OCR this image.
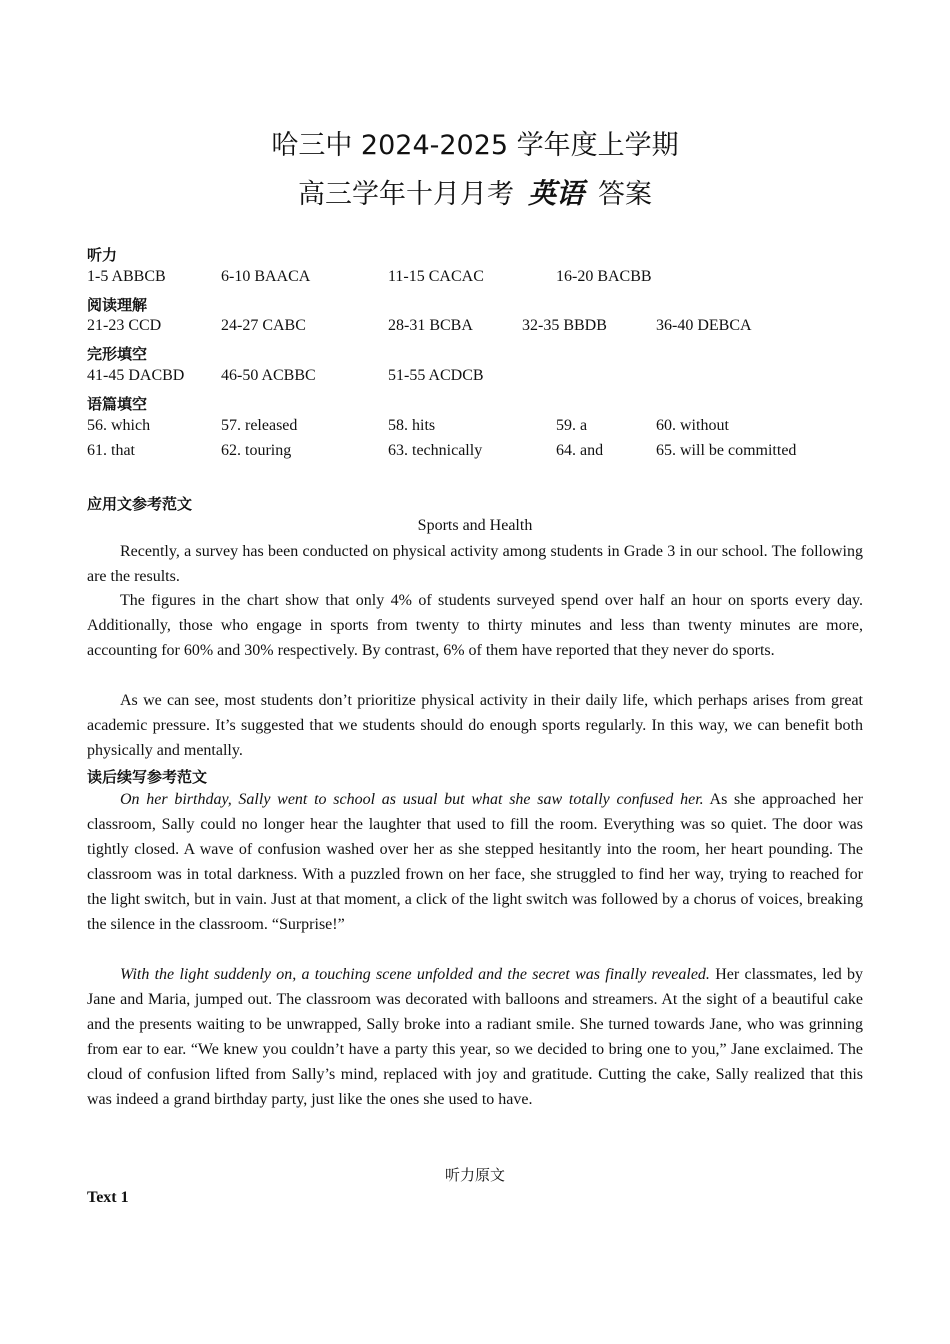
哈三中 2024-2025 学年度上学期
高三学年十月月考 英语 答案
听力
1-5 ABBCB	6-10 BAACA	11-15 CACAC	16-20 BACBB
阅读理解
21-23 CCD	24-27 CABC	28-31 BCBA	32-35 BBDB	36-40 DEBCA
完形填空
41-45 DACBD 46-50 ACBBC	51-55 ACDCB
语篇填空
56. which	57. released	58. hits	59. a	60. without
61. that	62. touring	63. technically	64. and	65. will be committed
应用文参考范文
Sports and Health

Recently, a survey has been conducted on physical activity among students in Grade 3 in our school. The following are the results.

The figures in the chart show that only 4% of students surveyed spend over half an hour on sports every day. Additionally, those who engage in sports from twenty to thirty minutes and less than twenty minutes are more, accounting for 60% and 30% respectively. By contrast, 6% of them have reported that they never do sports.

As we can see, most students don’t prioritize physical activity in their daily life, which perhaps arises from great academic pressure. It’s suggested that we students should do enough sports regularly. In this way, we can benefit both physically and mentally.

读后续写参考范文

On her birthday, Sally went to school as usual but what she saw totally confused her. As she approached her classroom, Sally could no longer hear the laughter that used to fill the room. Everything was so quiet. The door was tightly closed. A wave of confusion washed over her as she stepped hesitantly into the room, her heart pounding. The classroom was in total darkness. With a puzzled frown on her face, she struggled to find her way, trying to reached for the light switch, but in vain. Just at that moment, a click of the light switch was followed by a chorus of voices, breaking the silence in the classroom. “Surprise!”

With the light suddenly on, a touching scene unfolded and the secret was finally revealed. Her classmates, led by Jane and Maria, jumped out. The classroom was decorated with balloons and streamers. At the sight of a beautiful cake and the presents waiting to be unwrapped, Sally broke into a radiant smile. She turned towards Jane, who was grinning from ear to ear. “We knew you couldn’t have a party this year, so we decided to bring one to you,” Jane exclaimed. The cloud of confusion lifted from Sally’s mind, replaced with joy and gratitude. Cutting the cake, Sally realized that this was indeed a grand birthday party, just like the ones she used to have.

听力原文
Text 1
